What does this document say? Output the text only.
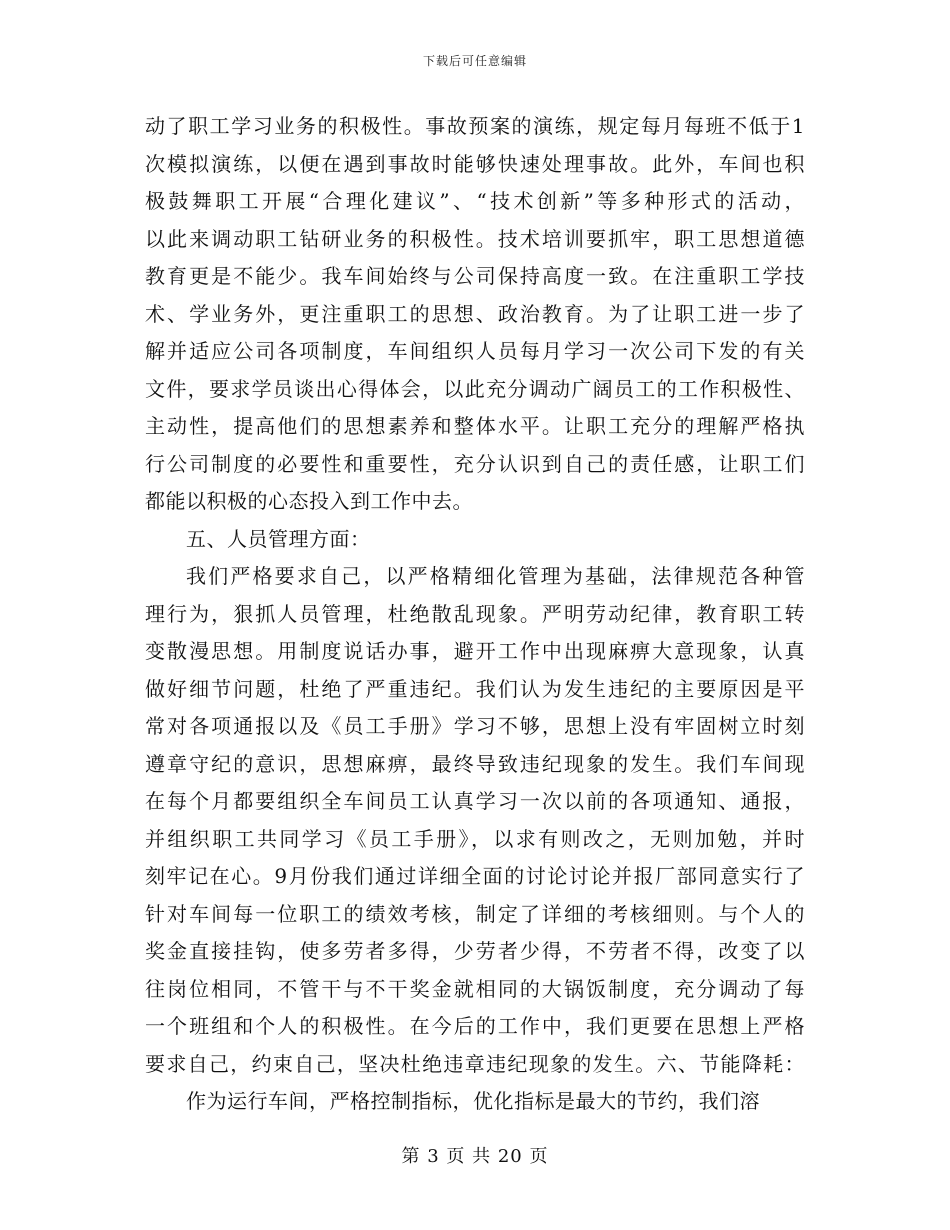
下载后可任意编辑
动了职工学习业务的积极性。事故预案的演练，规定每月每班不低于1
次模拟演练，以便在遇到事故时能够快速处理事故。此外，车间也积
极鼓舞职工开展“合理化建议”、“技术创新”等多种形式的活动，
以此来调动职工钻研业务的积极性。技术培训要抓牢，职工思想道德
教育更是不能少。我车间始终与公司保持高度一致。在注重职工学技
术、学业务外，更注重职工的思想、政治教育。为了让职工进一步了
解并适应公司各项制度，车间组织人员每月学习一次公司下发的有关
文件，要求学员谈出心得体会，以此充分调动广阔员工的工作积极性、
主动性，提高他们的思想素养和整体水平。让职工充分的理解严格执
行公司制度的必要性和重要性，充分认识到自己的责任感，让职工们
都能以积极的心态投入到工作中去。
五、人员管理方面：
我们严格要求自己，以严格精细化管理为基础，法律规范各种管
理行为，狠抓人员管理，杜绝散乱现象。严明劳动纪律，教育职工转
变散漫思想。用制度说话办事，避开工作中出现麻痹大意现象，认真
做好细节问题，杜绝了严重违纪。我们认为发生违纪的主要原因是平
常对各项通报以及《员工手册》学习不够，思想上没有牢固树立时刻
遵章守纪的意识，思想麻痹，最终导致违纪现象的发生。我们车间现
在每个月都要组织全车间员工认真学习一次以前的各项通知、通报，
并组织职工共同学习《员工手册》，以求有则改之，无则加勉，并时
刻牢记在心。9月份我们通过详细全面的讨论讨论并报厂部同意实行了
针对车间每一位职工的绩效考核，制定了详细的考核细则。与个人的
奖金直接挂钩，使多劳者多得，少劳者少得，不劳者不得，改变了以
往岗位相同，不管干与不干奖金就相同的大锅饭制度，充分调动了每
一个班组和个人的积极性。在今后的工作中，我们更要在思想上严格
要求自己，约束自己，坚决杜绝违章违纪现象的发生。六、节能降耗：
作为运行车间，严格控制指标，优化指标是最大的节约，我们溶
第 3 页 共 20 页
